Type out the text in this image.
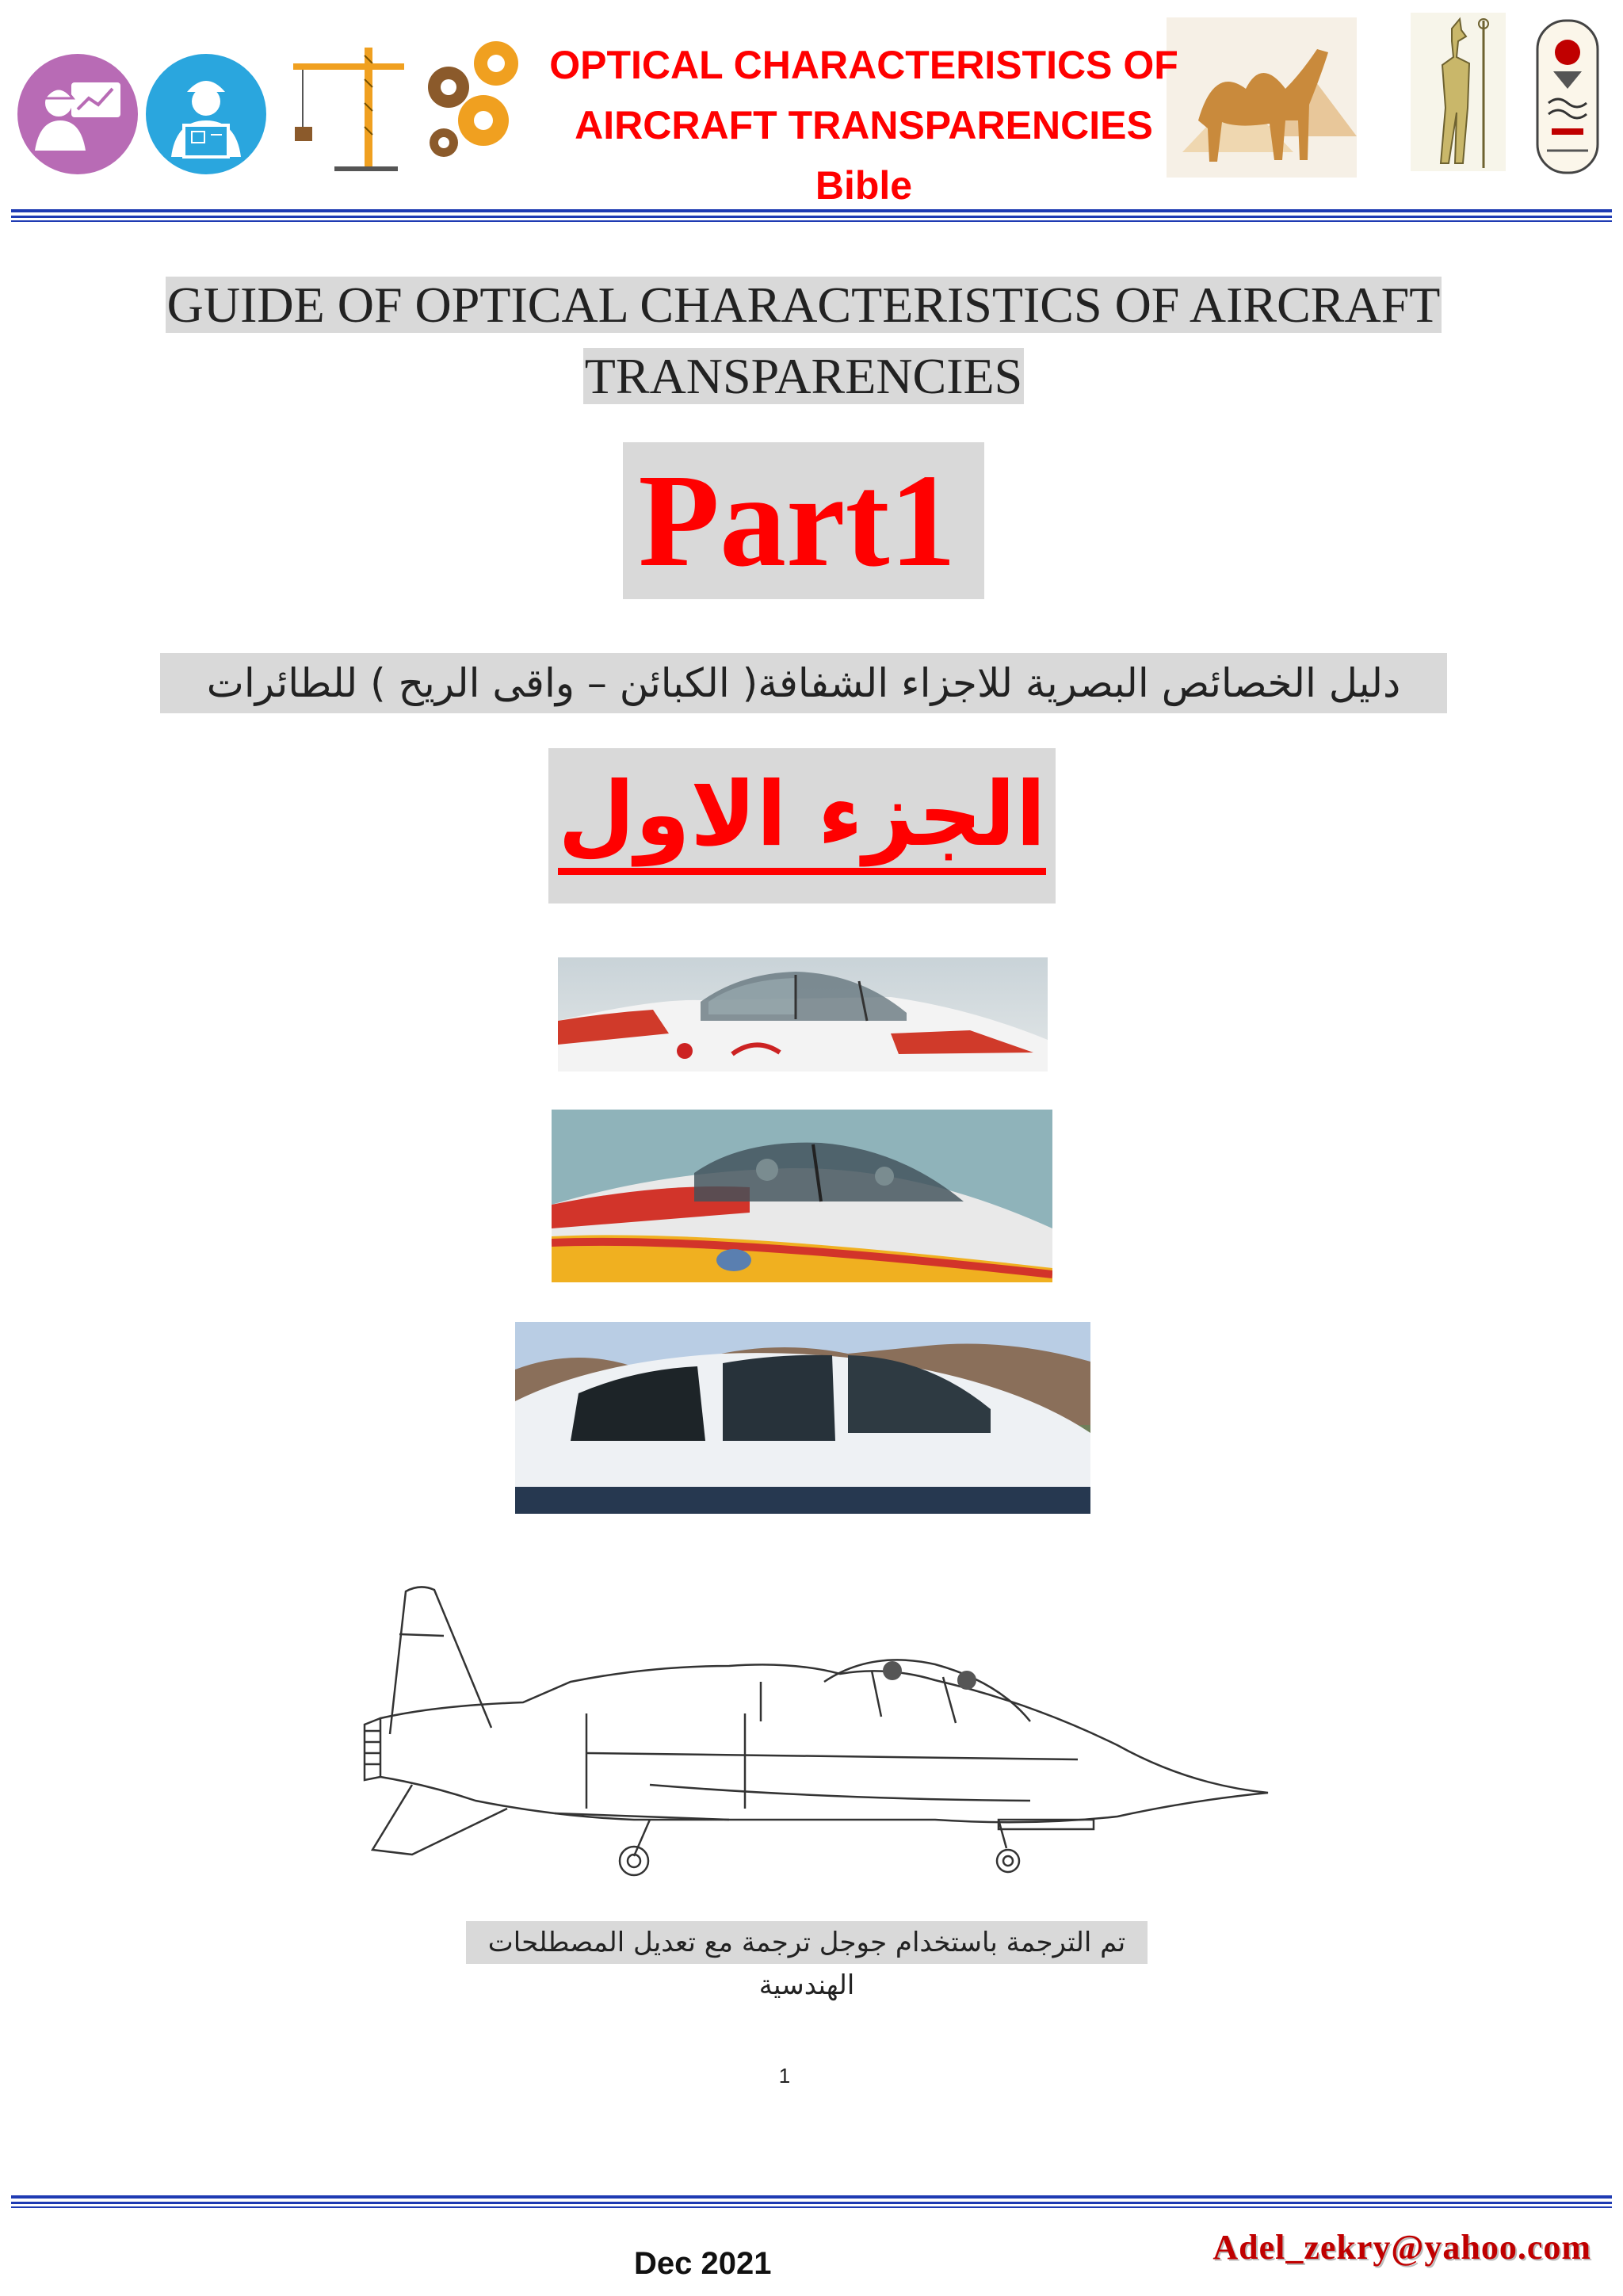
OPTICAL CHARACTERISTICS OF
AIRCRAFT TRANSPARENCIES
Bible
GUIDE OF OPTICAL CHARACTERISTICS OF AIRCRAFT
TRANSPARENCIES
Part1
دليل الخصائص البصرية للاجزاء الشفافة( الكبائن – واقى الريح ) للطائرات
الجزء الاول
تم الترجمة باستخدام جوجل ترجمة مع تعديل المصطلحات الهندسية
1
Dec 2021	Adel_zekry@yahoo.com
